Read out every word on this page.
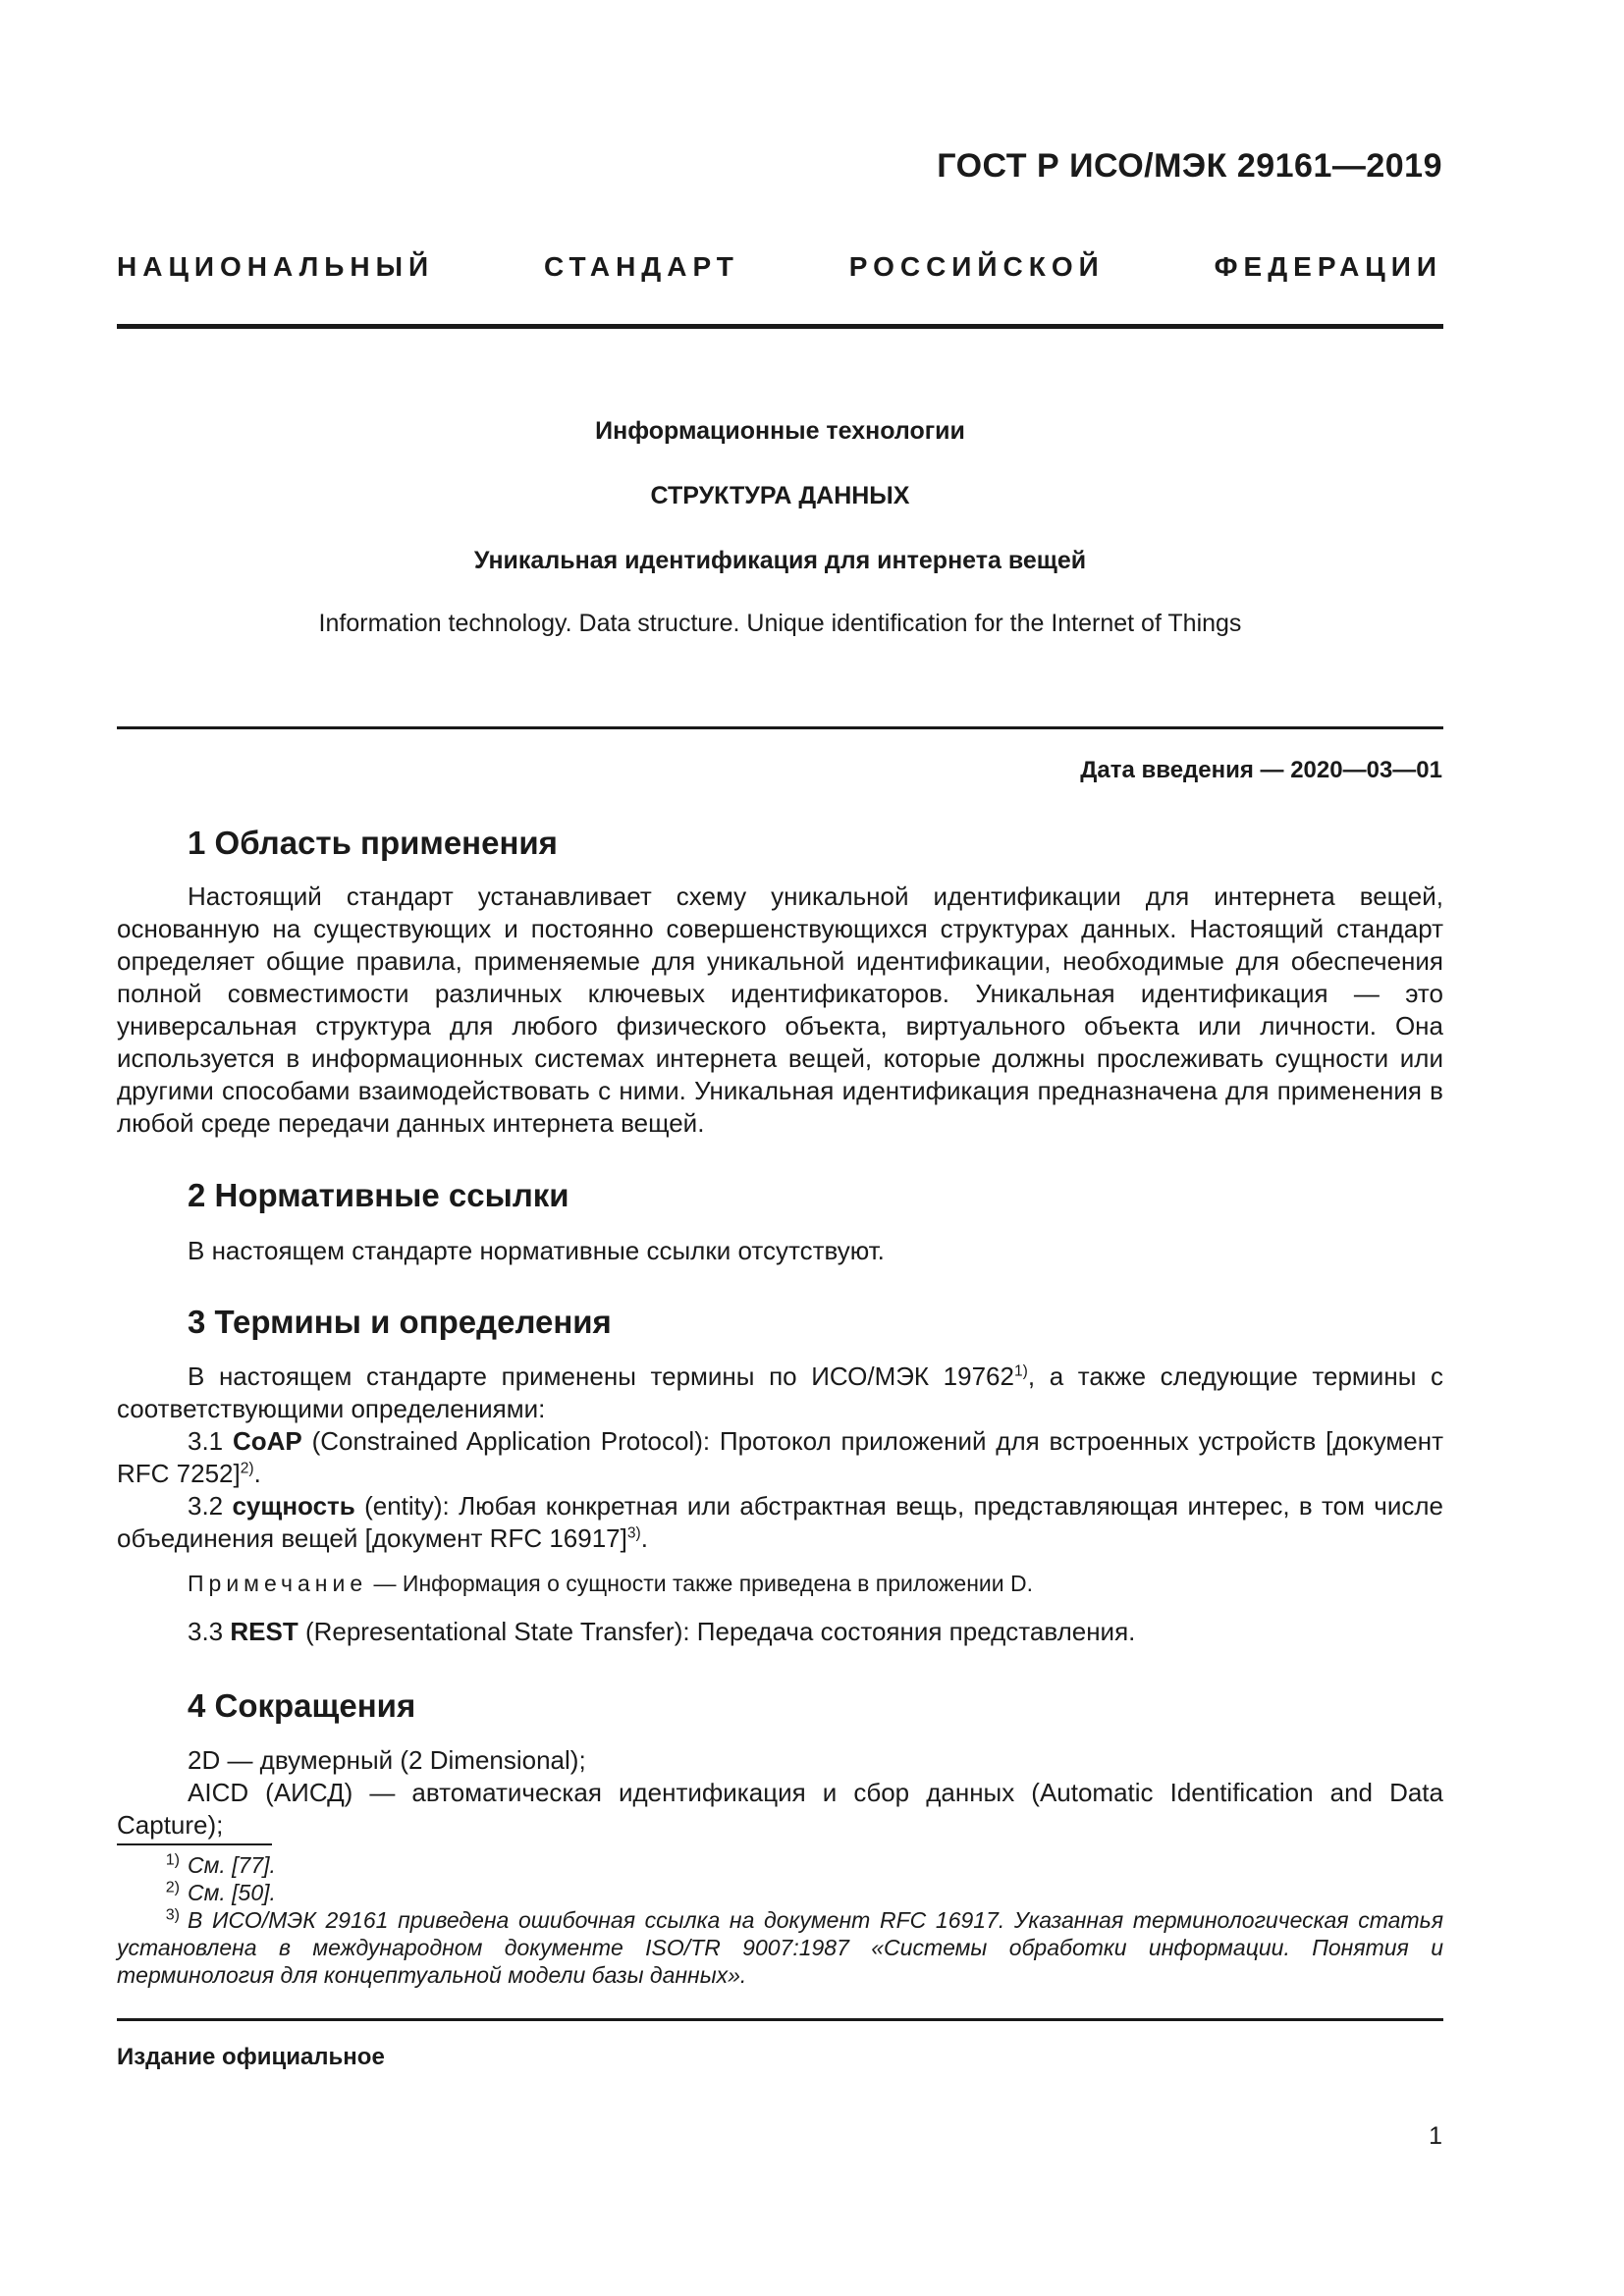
ГОСТ Р ИСО/МЭК 29161—2019
НАЦИОНАЛЬНЫЙ СТАНДАРТ РОССИЙСКОЙ ФЕДЕРАЦИИ
Информационные технологии
СТРУКТУРА ДАННЫХ
Уникальная идентификация для интернета вещей
Information technology. Data structure. Unique identification for the Internet of Things
Дата введения — 2020—03—01
1 Область применения
Настоящий стандарт устанавливает схему уникальной идентификации для интернета вещей, основанную на существующих и постоянно совершенствующихся структурах данных. Настоящий стандарт определяет общие правила, применяемые для уникальной идентификации, необходимые для обеспечения полной совместимости различных ключевых идентификаторов. Уникальная идентификация — это универсальная структура для любого физического объекта, виртуального объекта или личности. Она используется в информационных системах интернета вещей, которые должны прослеживать сущности или другими способами взаимодействовать с ними. Уникальная идентификация предназначена для применения в любой среде передачи данных интернета вещей.
2 Нормативные ссылки
В настоящем стандарте нормативные ссылки отсутствуют.
3 Термины и определения
В настоящем стандарте применены термины по ИСО/МЭК 19762$^{1)}$, а также следующие термины с соответствующими определениями:
3.1 CoAP (Constrained Application Protocol): Протокол приложений для встроенных устройств [документ RFC 7252]$^{2)}$.
3.2 сущность (entity): Любая конкретная или абстрактная вещь, представляющая интерес, в том числе объединения вещей [документ RFC 16917]$^{3)}$.
Примечание — Информация о сущности также приведена в приложении D.
3.3 REST (Representational State Transfer): Передача состояния представления.
4 Сокращения
2D — двумерный (2 Dimensional);
AICD (АИСД) — автоматическая идентификация и сбор данных (Automatic Identification and Data Capture);
$^{1)}$ См. [77].
$^{2)}$ См. [50].
$^{3)}$ В ИСО/МЭК 29161 приведена ошибочная ссылка на документ RFC 16917. Указанная терминологическая статья установлена в международном документе ISO/TR 9007:1987 «Системы обработки информации. Понятия и терминология для концептуальной модели базы данных».
Издание официальное
1
